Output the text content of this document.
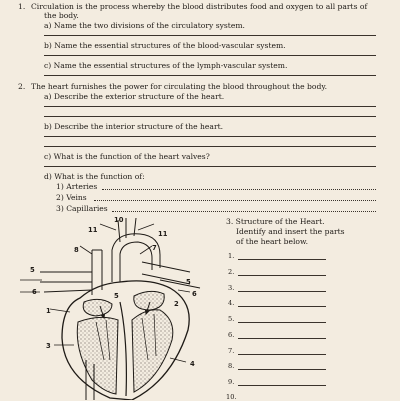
1. Circulation is the process whereby the blood distributes food and oxygen to all parts of
the body.
a) Name the two divisions of the circulatory system.
b) Name the essential structures of the blood-vascular system.
c) Name the essential structures of the lymph-vascular system.
2. The heart furnishes the power for circulating the blood throughout the body.
a) Describe the exterior structure of the heart.
b) Describe the interior structure of the heart.
c) What is the function of the heart valves?
d) What is the function of:
1) Arteries
2) Veins
3) Capillaries
3. Structure of the Heart.
Identify and insert the parts
of the heart below.
1.
2.
3.
4.
5.
6.
7.
8.
9.
10.
10
11	11
8	7
5
6	5
5
6
1
2
3
4
